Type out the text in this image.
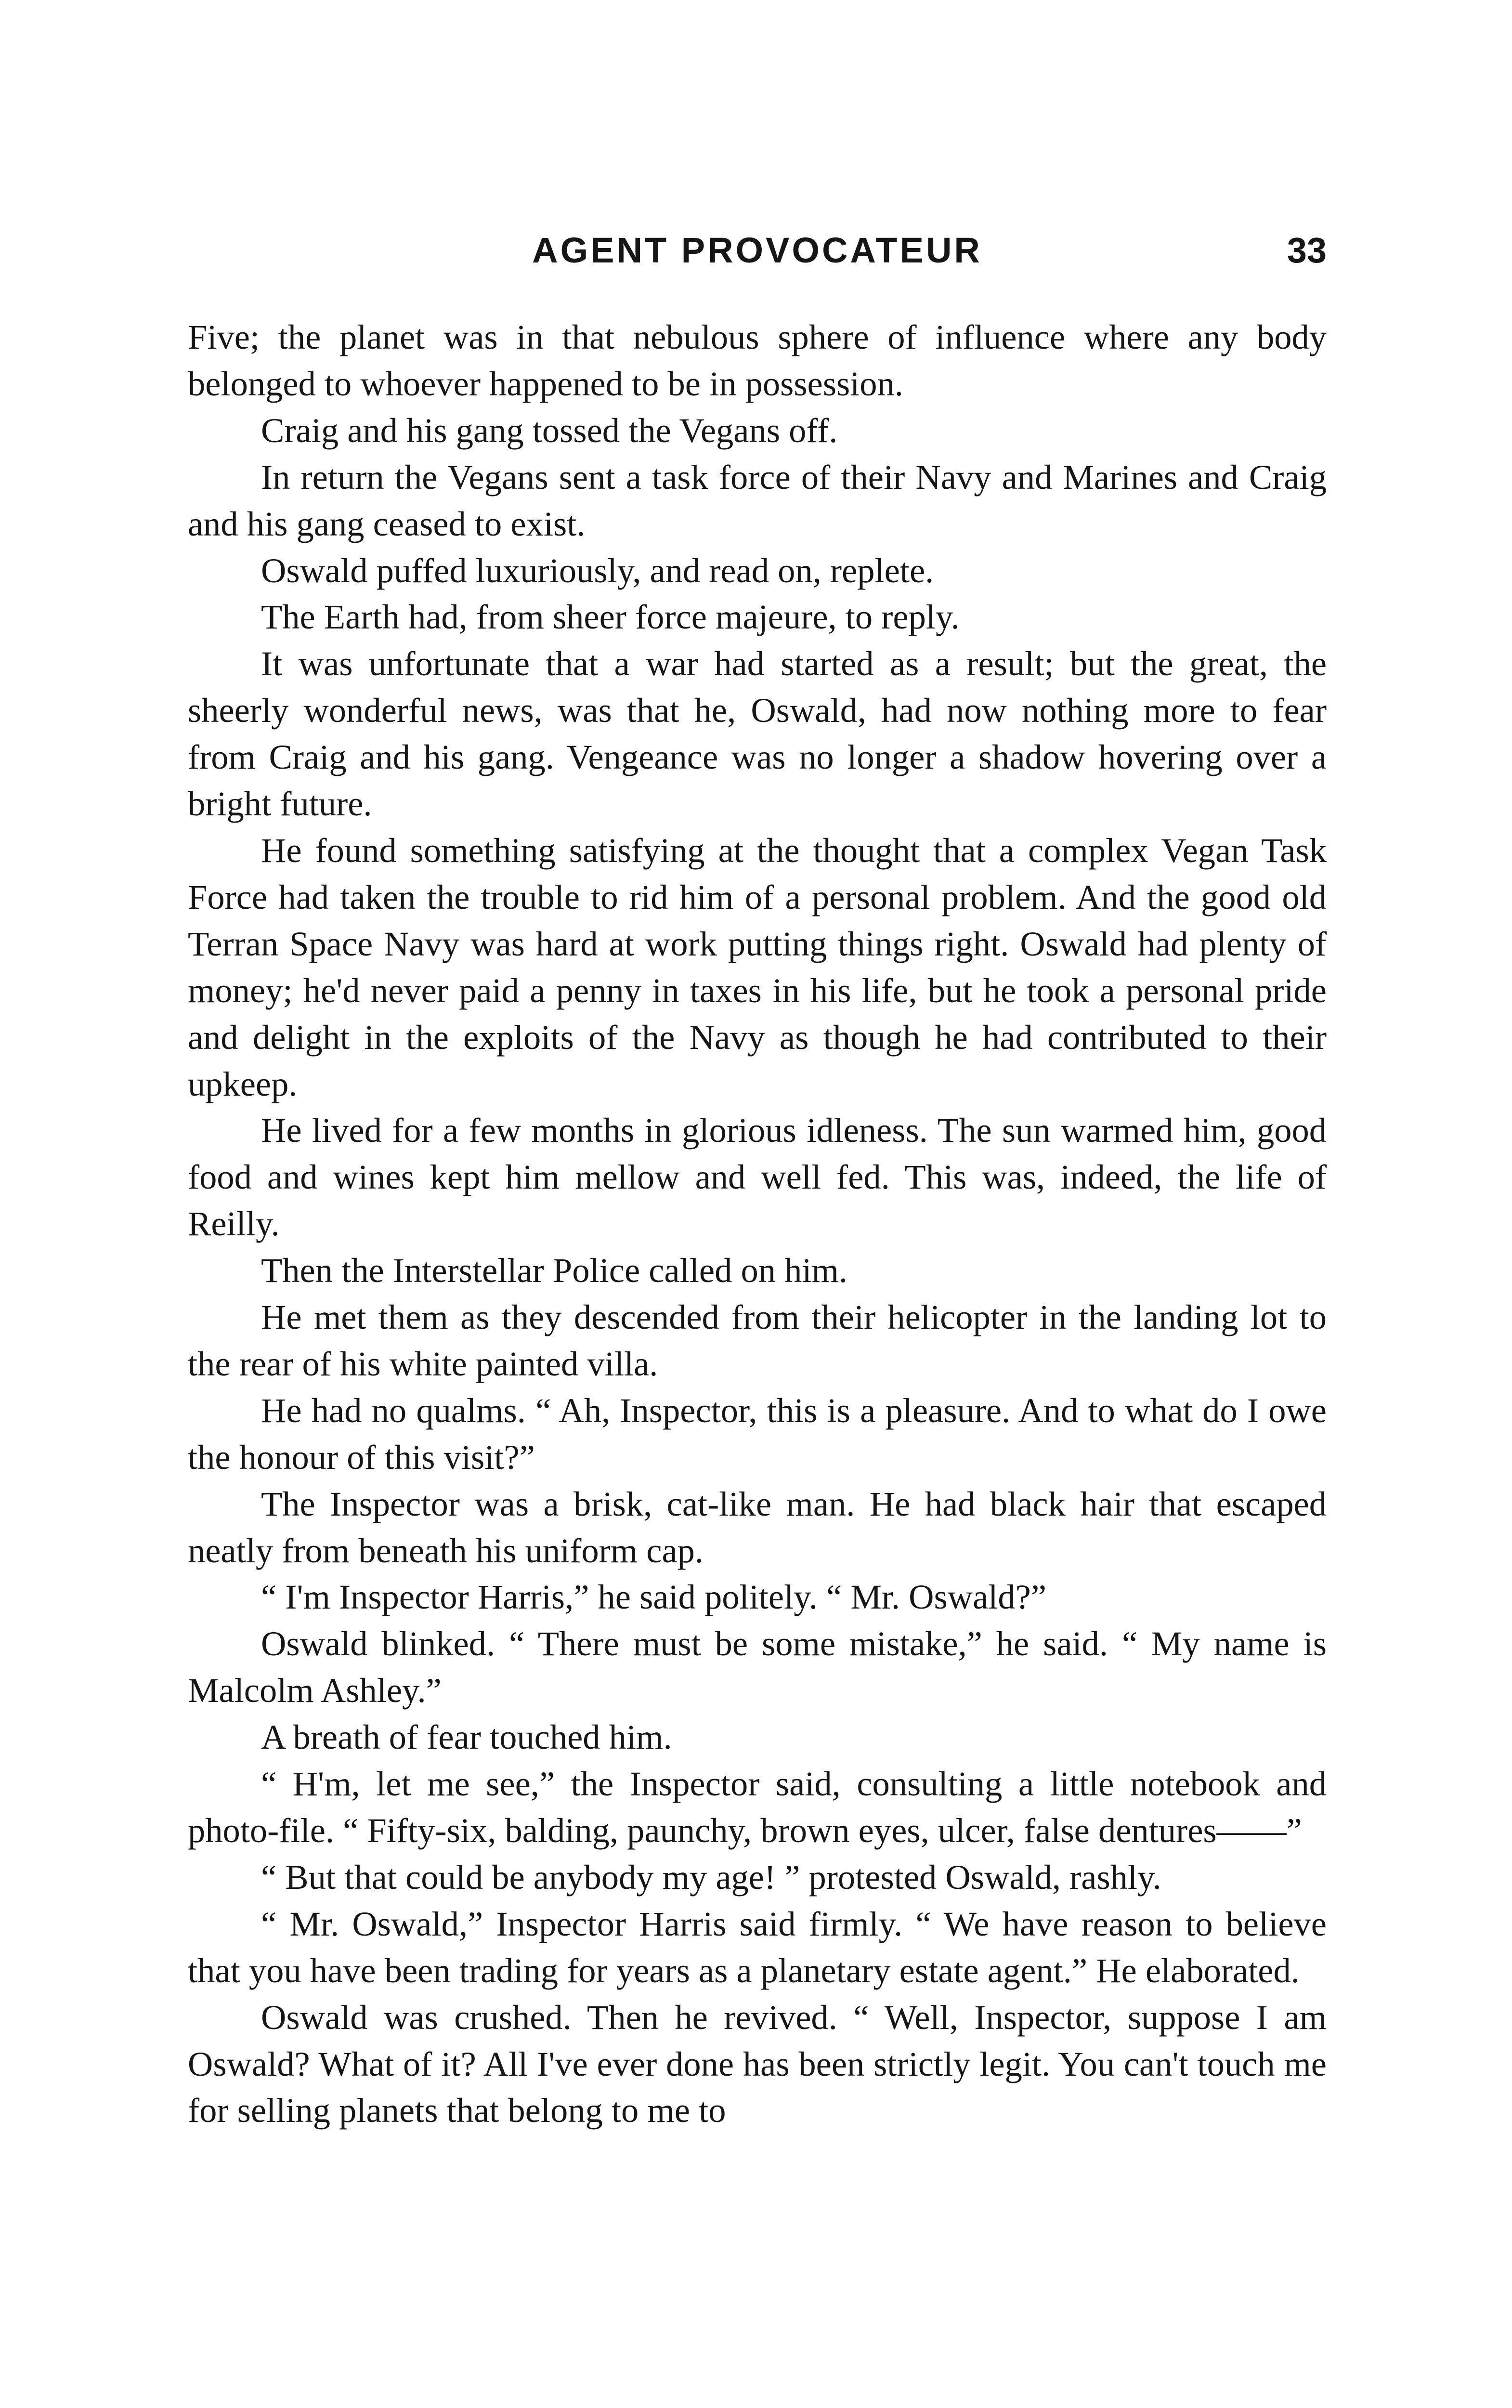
AGENT PROVOCATEUR	33

Five; the planet was in that nebulous sphere of influence where any body belonged to whoever happened to be in possession.

Craig and his gang tossed the Vegans off.

In return the Vegans sent a task force of their Navy and Marines and Craig and his gang ceased to exist.

Oswald puffed luxuriously, and read on, replete.

The Earth had, from sheer force majeure, to reply.

It was unfortunate that a war had started as a result; but the great, the sheerly wonderful news, was that he, Oswald, had now nothing more to fear from Craig and his gang. Vengeance was no longer a shadow hovering over a bright future.

He found something satisfying at the thought that a complex Vegan Task Force had taken the trouble to rid him of a personal problem. And the good old Terran Space Navy was hard at work putting things right. Oswald had plenty of money; he'd never paid a penny in taxes in his life, but he took a personal pride and delight in the exploits of the Navy as though he had contributed to their upkeep.

He lived for a few months in glorious idleness. The sun warmed him, good food and wines kept him mellow and well fed. This was, indeed, the life of Reilly.

Then the Interstellar Police called on him.

He met them as they descended from their helicopter in the landing lot to the rear of his white painted villa.

He had no qualms. “ Ah, Inspector, this is a pleasure. And to what do I owe the honour of this visit?”

The Inspector was a brisk, cat-like man. He had black hair that escaped neatly from beneath his uniform cap.

“ I'm Inspector Harris,” he said politely. “ Mr. Oswald?”

Oswald blinked. “ There must be some mistake,” he said. “ My name is Malcolm Ashley.”

A breath of fear touched him.

“ H'm, let me see,” the Inspector said, consulting a little notebook and photo-file. “ Fifty-six, balding, paunchy, brown eyes, ulcer, false dentures——”

“ But that could be anybody my age! ” protested Oswald, rashly.

“ Mr. Oswald,” Inspector Harris said firmly. “ We have reason to believe that you have been trading for years as a planetary estate agent.” He elaborated.

Oswald was crushed. Then he revived. “ Well, Inspector, suppose I am Oswald? What of it? All I've ever done has been strictly legit. You can't touch me for selling planets that belong to me to
